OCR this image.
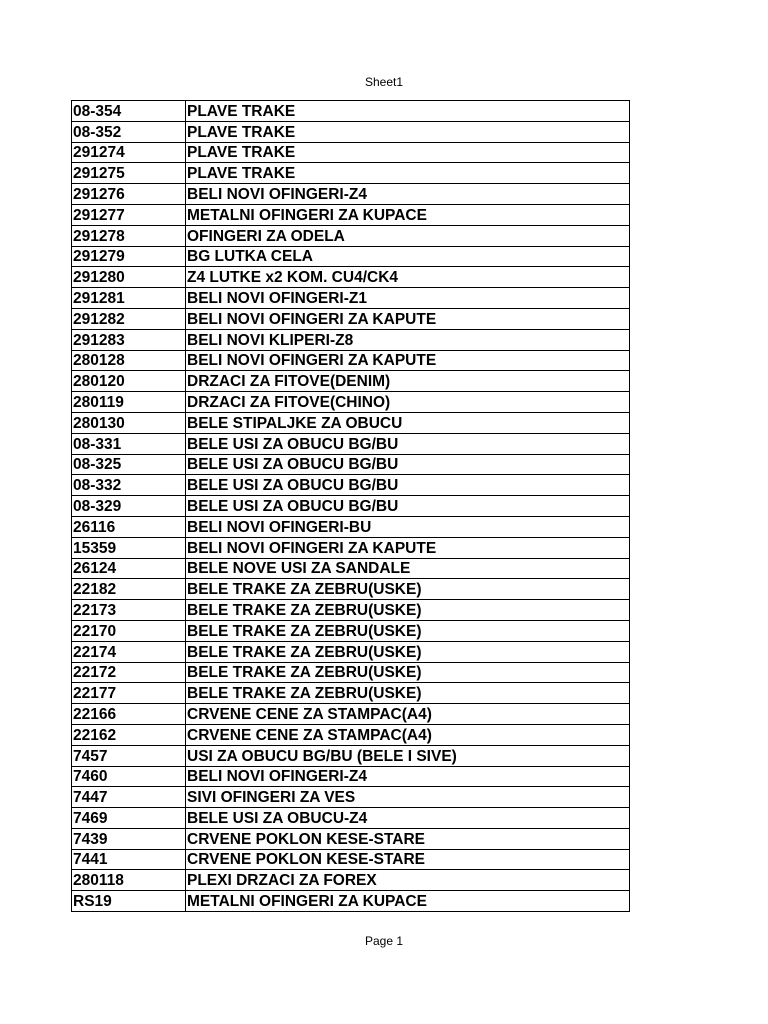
Sheet1
08-354	PLAVE TRAKE
08-352	PLAVE TRAKE
291274	PLAVE TRAKE
291275	PLAVE TRAKE
291276	BELI NOVI OFINGERI-Z4
291277	METALNI OFINGERI ZA KUPACE
291278	OFINGERI ZA ODELA
291279	BG LUTKA CELA
291280	Z4 LUTKE x2 KOM. CU4/CK4
291281	BELI NOVI OFINGERI-Z1
291282	BELI NOVI OFINGERI ZA KAPUTE
291283	BELI NOVI KLIPERI-Z8
280128	BELI NOVI OFINGERI ZA KAPUTE
280120	DRZACI ZA FITOVE(DENIM)
280119	DRZACI ZA FITOVE(CHINO)
280130	BELE STIPALJKE ZA OBUCU
08-331	BELE USI ZA OBUCU BG/BU
08-325	BELE USI ZA OBUCU BG/BU
08-332	BELE USI ZA OBUCU BG/BU
08-329	BELE USI ZA OBUCU BG/BU
26116	BELI NOVI OFINGERI-BU
15359	BELI NOVI OFINGERI ZA KAPUTE
26124	BELE NOVE USI ZA SANDALE
22182	BELE TRAKE ZA ZEBRU(USKE)
22173	BELE TRAKE ZA ZEBRU(USKE)
22170	BELE TRAKE ZA ZEBRU(USKE)
22174	BELE TRAKE ZA ZEBRU(USKE)
22172	BELE TRAKE ZA ZEBRU(USKE)
22177	BELE TRAKE ZA ZEBRU(USKE)
22166	CRVENE CENE ZA STAMPAC(A4)
22162	CRVENE CENE ZA STAMPAC(A4)
7457	USI ZA OBUCU BG/BU (BELE I SIVE)
7460	BELI NOVI OFINGERI-Z4
7447	SIVI OFINGERI ZA VES
7469	BELE USI ZA OBUCU-Z4
7439	CRVENE POKLON KESE-STARE
7441	CRVENE POKLON KESE-STARE
280118	PLEXI DRZACI ZA FOREX
RS19	METALNI OFINGERI ZA KUPACE
Page 1
